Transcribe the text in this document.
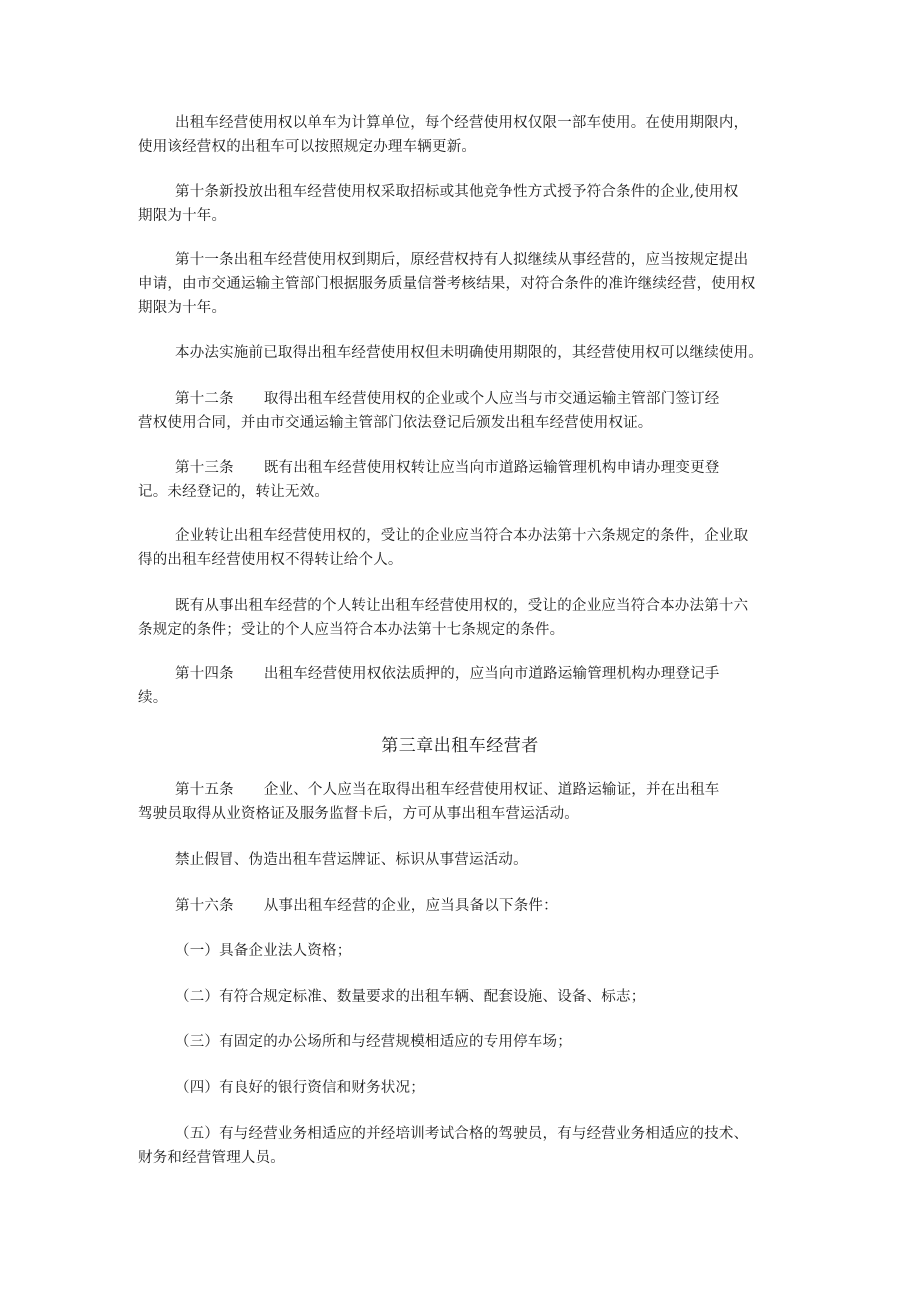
出租车经营使用权以单车为计算单位，每个经营使用权仅限一部车使用。在使用期限内，
使用该经营权的出租车可以按照规定办理车辆更新。
第十条新投放出租车经营使用权采取招标或其他竞争性方式授予符合条件的企业,使用权
期限为十年。
第十一条出租车经营使用权到期后，原经营权持有人拟继续从事经营的，应当按规定提出
申请，由市交通运输主管部门根据服务质量信誉考核结果，对符合条件的准许继续经营，使用权
期限为十年。
本办法实施前已取得出租车经营使用权但未明确使用期限的，其经营使用权可以继续使用。
第十二条 取得出租车经营使用权的企业或个人应当与市交通运输主管部门签订经
营权使用合同，并由市交通运输主管部门依法登记后颁发出租车经营使用权证。
第十三条 既有出租车经营使用权转让应当向市道路运输管理机构申请办理变更登
记。未经登记的，转让无效。
企业转让出租车经营使用权的，受让的企业应当符合本办法第十六条规定的条件，企业取
得的出租车经营使用权不得转让给个人。
既有从事出租车经营的个人转让出租车经营使用权的，受让的企业应当符合本办法第十六
条规定的条件；受让的个人应当符合本办法第十七条规定的条件。
第十四条 出租车经营使用权依法质押的，应当向市道路运输管理机构办理登记手
续。
第三章出租车经营者
第十五条 企业、个人应当在取得出租车经营使用权证、道路运输证，并在出租车
驾驶员取得从业资格证及服务监督卡后，方可从事出租车营运活动。
禁止假冒、伪造出租车营运牌证、标识从事营运活动。
第十六条 从事出租车经营的企业，应当具备以下条件：
（一）具备企业法人资格；
（二）有符合规定标准、数量要求的出租车辆、配套设施、设备、标志；
（三）有固定的办公场所和与经营规模相适应的专用停车场；
（四）有良好的银行资信和财务状况；
（五）有与经营业务相适应的并经培训考试合格的驾驶员，有与经营业务相适应的技术、
财务和经营管理人员。
